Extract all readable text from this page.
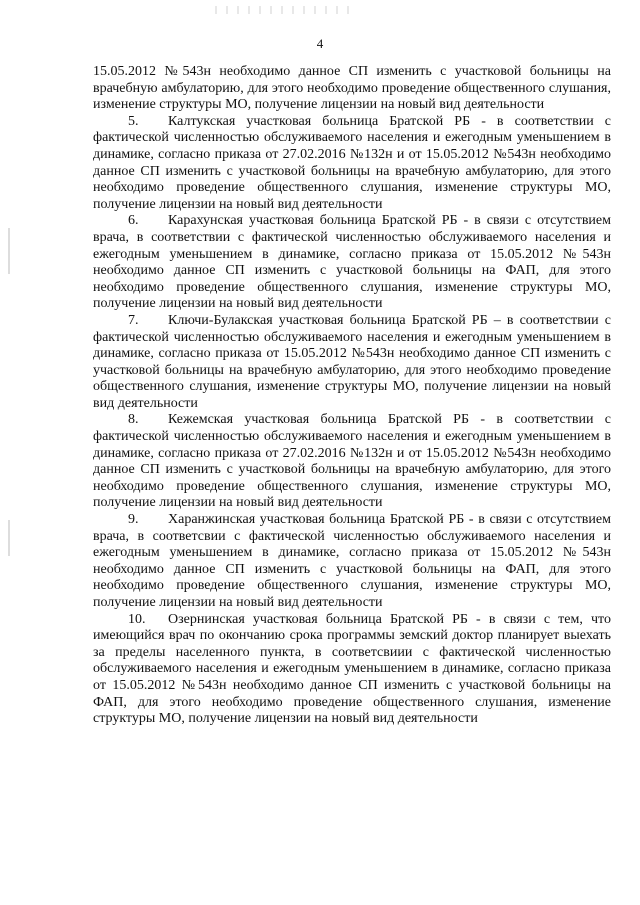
4

15.05.2012 №543н необходимо данное СП изменить с участковой больницы на врачебную амбулаторию, для этого необходимо проведение общественного слушания, изменение структуры МО, получение лицензии на новый вид деятельности

5. Калтукская участковая больница Братской РБ - в соответствии с фактической численностью обслуживаемого населения и ежегодным уменьшением в динамике, согласно приказа от 27.02.2016 №132н и от 15.05.2012 №543н необходимо данное СП изменить с участковой больницы на врачебную амбулаторию, для этого необходимо проведение общественного слушания, изменение структуры МО, получение лицензии на новый вид деятельности

6. Карахунская участковая больница Братской РБ - в связи с отсутствием врача, в соответствии с фактической численностью обслуживаемого населения и ежегодным уменьшением в динамике, согласно приказа от 15.05.2012 №543н необходимо данное СП изменить с участковой больницы на ФАП, для этого необходимо проведение общественного слушания, изменение структуры МО, получение лицензии на новый вид деятельности

7. Ключи-Булакская участковая больница Братской РБ – в соответствии с фактической численностью обслуживаемого населения и ежегодным уменьшением в динамике, согласно приказа от 15.05.2012 №543н необходимо данное СП изменить с участковой больницы на врачебную амбулаторию, для этого необходимо проведение общественного слушания, изменение структуры МО, получение лицензии на новый вид деятельности

8. Кежемская участковая больница Братской РБ - в соответствии с фактической численностью обслуживаемого населения и ежегодным уменьшением в динамике, согласно приказа от 27.02.2016 №132н и от 15.05.2012 №543н необходимо данное СП изменить с участковой больницы на врачебную амбулаторию, для этого необходимо проведение общественного слушания, изменение структуры МО, получение лицензии на новый вид деятельности

9. Харанжинская участковая больница Братской РБ - в связи с отсутствием врача, в соответсвии с фактической численностью обслуживаемого населения и ежегодным уменьшением в динамике, согласно приказа от 15.05.2012 №543н необходимо данное СП изменить с участковой больницы на ФАП, для этого необходимо проведение общественного слушания, изменение структуры МО, получение лицензии на новый вид деятельности

10. Озернинская участковая больница Братской РБ - в связи с тем, что имеющийся врач по окончанию срока программы земский доктор планирует выехать за пределы населенного пункта, в соответсвиии с фактической численностью обслуживаемого населения и ежегодным уменьшением в динамике, согласно приказа от 15.05.2012 №543н необходимо данное СП изменить с участковой больницы на ФАП, для этого необходимо проведение общественного слушания, изменение структуры МО, получение лицензии на новый вид деятельности
